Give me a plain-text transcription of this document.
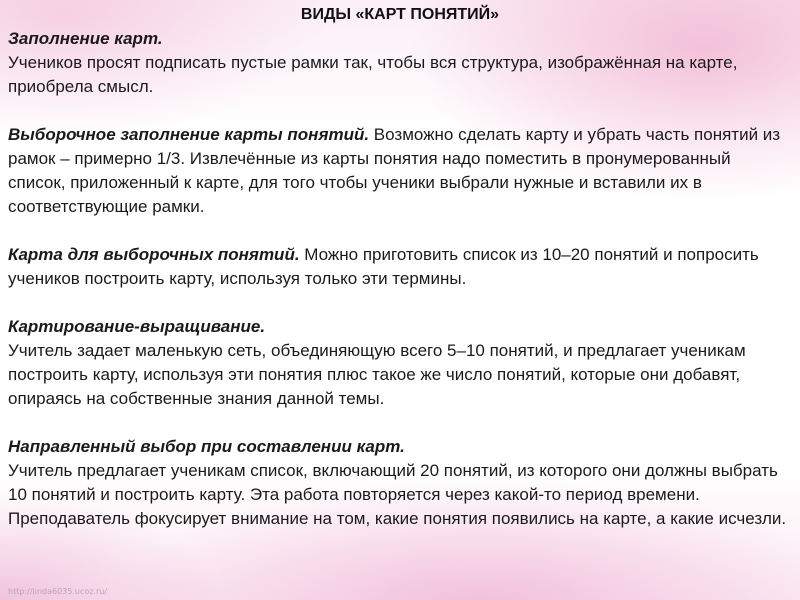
ВИДЫ «КАРТ ПОНЯТИЙ»
Заполнение карт.
Учеников просят подписать пустые рамки так, чтобы вся структура, изображённая на карте, приобрела смысл.
Выборочное заполнение карты понятий. Возможно сделать карту и убрать часть понятий из рамок – примерно 1/3. Извлечённые из карты понятия надо поместить в пронумерованный список, приложенный к карте, для того чтобы ученики выбрали нужные и вставили их в соответствующие рамки.
Карта для выборочных понятий. Можно приготовить список из 10–20 понятий и попросить учеников построить карту, используя только эти термины.
Картирование-выращивание.
Учитель задает маленькую сеть, объединяющую всего 5–10 понятий, и предлагает ученикам построить карту, используя эти понятия плюс такое же число понятий, которые они добавят, опираясь на собственные знания данной темы.
Направленный выбор при составлении карт.
Учитель предлагает ученикам список, включающий 20 понятий, из которого они должны выбрать 10 понятий и построить карту. Эта работа повторяется через какой-то период времени. Преподаватель фокусирует внимание на том, какие понятия появились на карте, а какие исчезли.
http://linda6035.ucoz.ru/
